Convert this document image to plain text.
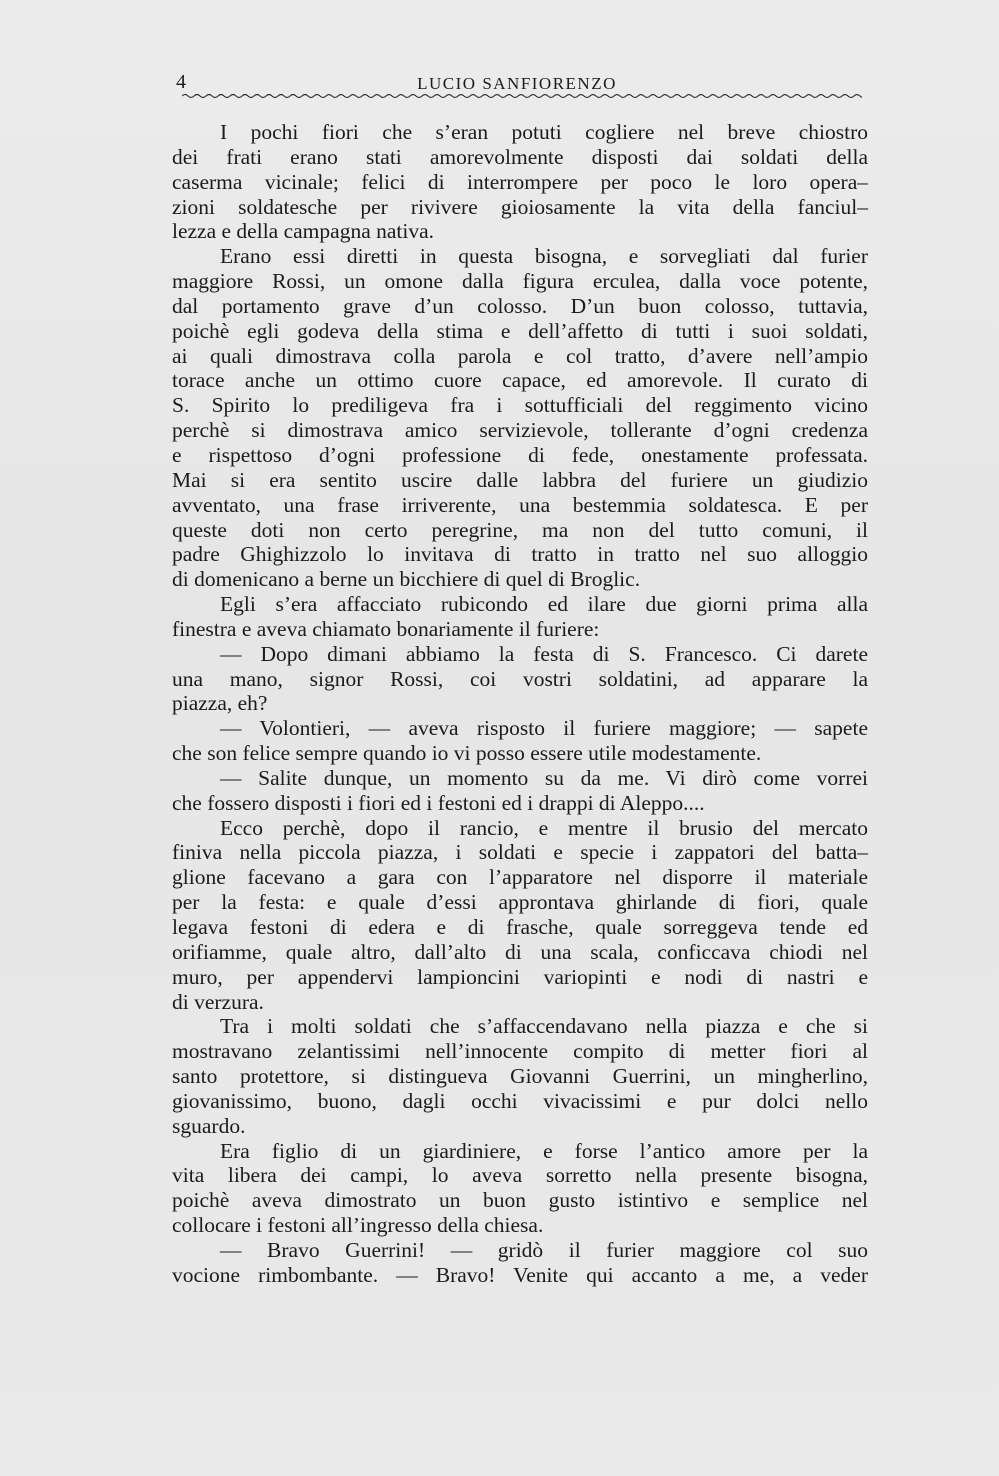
4	LUCIO SANFIORENZO
I pochi fiori che s’eran potuti cogliere nel breve chiostro
dei frati erano stati amorevolmente disposti dai soldati della
caserma vicinale; felici di interrompere per poco le loro opera–
zioni soldatesche per rivivere gioiosamente la vita della fanciul–
lezza e della campagna nativa.
Erano essi diretti in questa bisogna, e sorvegliati dal furier
maggiore Rossi, un omone dalla figura erculea, dalla voce potente,
dal portamento grave d’un colosso. D’un buon colosso, tuttavia,
poichè egli godeva della stima e dell’affetto di tutti i suoi soldati,
ai quali dimostrava colla parola e col tratto, d’avere nell’ampio
torace anche un ottimo cuore capace, ed amorevole. Il curato di
S. Spirito lo prediligeva fra i sottufficiali del reggimento vicino
perchè si dimostrava amico servizievole, tollerante d’ogni credenza
e rispettoso d’ogni professione di fede, onestamente professata.
Mai si era sentito uscire dalle labbra del furiere un giudizio
avventato, una frase irriverente, una bestemmia soldatesca. E per
queste doti non certo peregrine, ma non del tutto comuni, il
padre Ghighizzolo lo invitava di tratto in tratto nel suo alloggio
di domenicano a berne un bicchiere di quel di Broglic.
Egli s’era affacciato rubicondo ed ilare due giorni prima alla
finestra e aveva chiamato bonariamente il furiere:
— Dopo dimani abbiamo la festa di S. Francesco. Ci darete
una mano, signor Rossi, coi vostri soldatini, ad apparare la
piazza, eh?
— Volontieri, — aveva risposto il furiere maggiore; — sapete
che son felice sempre quando io vi posso essere utile modestamente.
— Salite dunque, un momento su da me. Vi dirò come vorrei
che fossero disposti i fiori ed i festoni ed i drappi di Aleppo....
Ecco perchè, dopo il rancio, e mentre il brusio del mercato
finiva nella piccola piazza, i soldati e specie i zappatori del batta–
glione facevano a gara con l’apparatore nel disporre il materiale
per la festa: e quale d’essi approntava ghirlande di fiori, quale
legava festoni di edera e di frasche, quale sorreggeva tende ed
orifiamme, quale altro, dall’alto di una scala, conficcava chiodi nel
muro, per appendervi lampioncini variopinti e nodi di nastri e
di verzura.
Tra i molti soldati che s’affaccendavano nella piazza e che si
mostravano zelantissimi nell’innocente compito di metter fiori al
santo protettore, si distingueva Giovanni Guerrini, un mingherlino,
giovanissimo, buono, dagli occhi vivacissimi e pur dolci nello
sguardo.
Era figlio di un giardiniere, e forse l’antico amore per la
vita libera dei campi, lo aveva sorretto nella presente bisogna,
poichè aveva dimostrato un buon gusto istintivo e semplice nel
collocare i festoni all’ingresso della chiesa.
— Bravo Guerrini! — gridò il furier maggiore col suo
vocione rimbombante. — Bravo! Venite qui accanto a me, a veder
